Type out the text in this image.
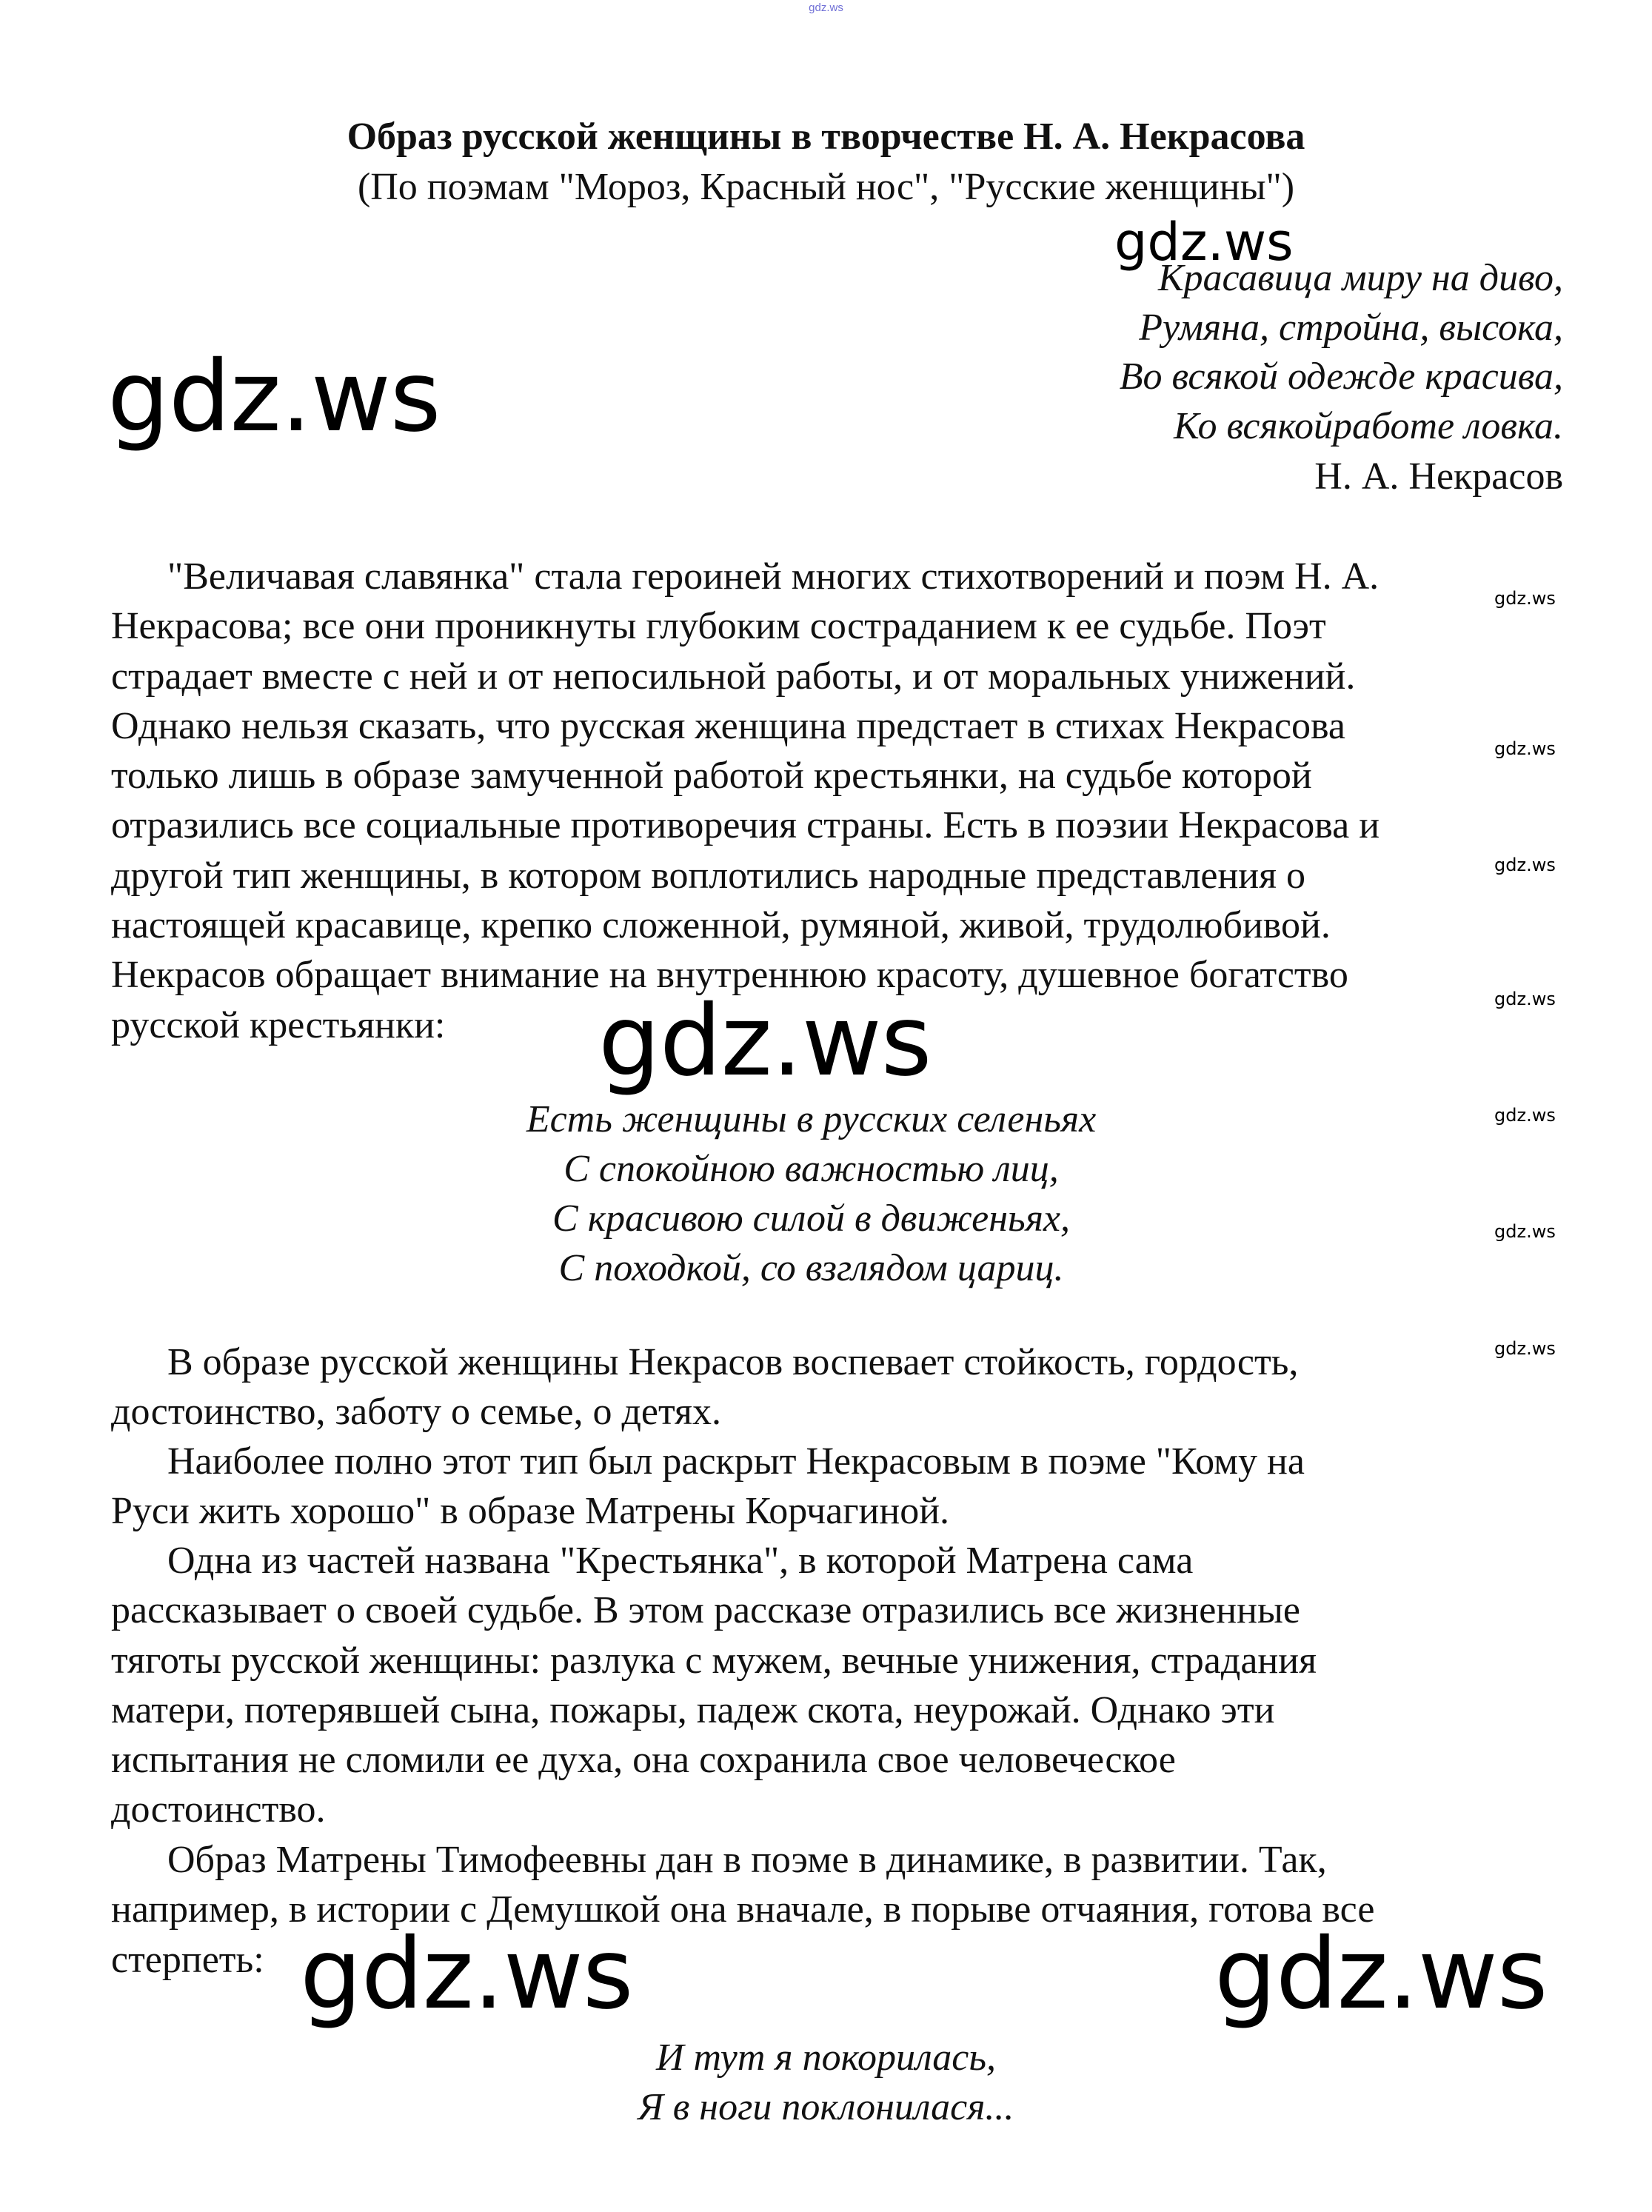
gdz.ws
Образ русской женщины в творчестве Н. А. Некрасова
(По поэмам "Мороз, Красный нос", "Русские женщины")
Красавица миру на диво,
Румяна, стройна, высока,
Во всякой одежде красива,
Ко всякойработе ловка.
Н. А. Некрасов
"Величавая славянка" стала героиней многих стихотворений и поэм Н. А.
Некрасова; все они проникнуты глубоким состраданием к ее судьбе. Поэт
страдает вместе с ней и от непосильной работы, и от моральных унижений.
Однако нельзя сказать, что русская женщина предстает в стихах Некрасова
только лишь в образе замученной работой крестьянки, на судьбе которой
отразились все социальные противоречия страны. Есть в поэзии Некрасова и
другой тип женщины, в котором воплотились народные представления о
настоящей красавице, крепко сложенной, румяной, живой, трудолюбивой.
Некрасов обращает внимание на внутреннюю красоту, душевное богатство
русской крестьянки:
Есть женщины в русских селеньях
С спокойною важностью лиц,
С красивою силой в движеньях,
С походкой, со взглядом цариц.
В образе русской женщины Некрасов воспевает стойкость, гордость,
достоинство, заботу о семье, о детях.
Наиболее полно этот тип был раскрыт Некрасовым в поэме "Кому на
Руси жить хорошо" в образе Матрены Корчагиной.
Одна из частей названа "Крестьянка", в которой Матрена сама
рассказывает о своей судьбе. В этом рассказе отразились все жизненные
тяготы русской женщины: разлука с мужем, вечные унижения, страдания
матери, потерявшей сына, пожары, падеж скота, неурожай. Однако эти
испытания не сломили ее духа, она сохранила свое человеческое
достоинство.
Образ Матрены Тимофеевны дан в поэме в динамике, в развитии. Так,
например, в истории с Демушкой она вначале, в порыве отчаяния, готова все
стерпеть:
И тут я покорилась,
Я в ноги поклонилася...
gdz.ws
gdz.ws
gdz.ws
gdz.ws	gdz.ws
gdz.ws
gdz.ws
gdz.ws
gdz.ws
gdz.ws
gdz.ws
gdz.ws
